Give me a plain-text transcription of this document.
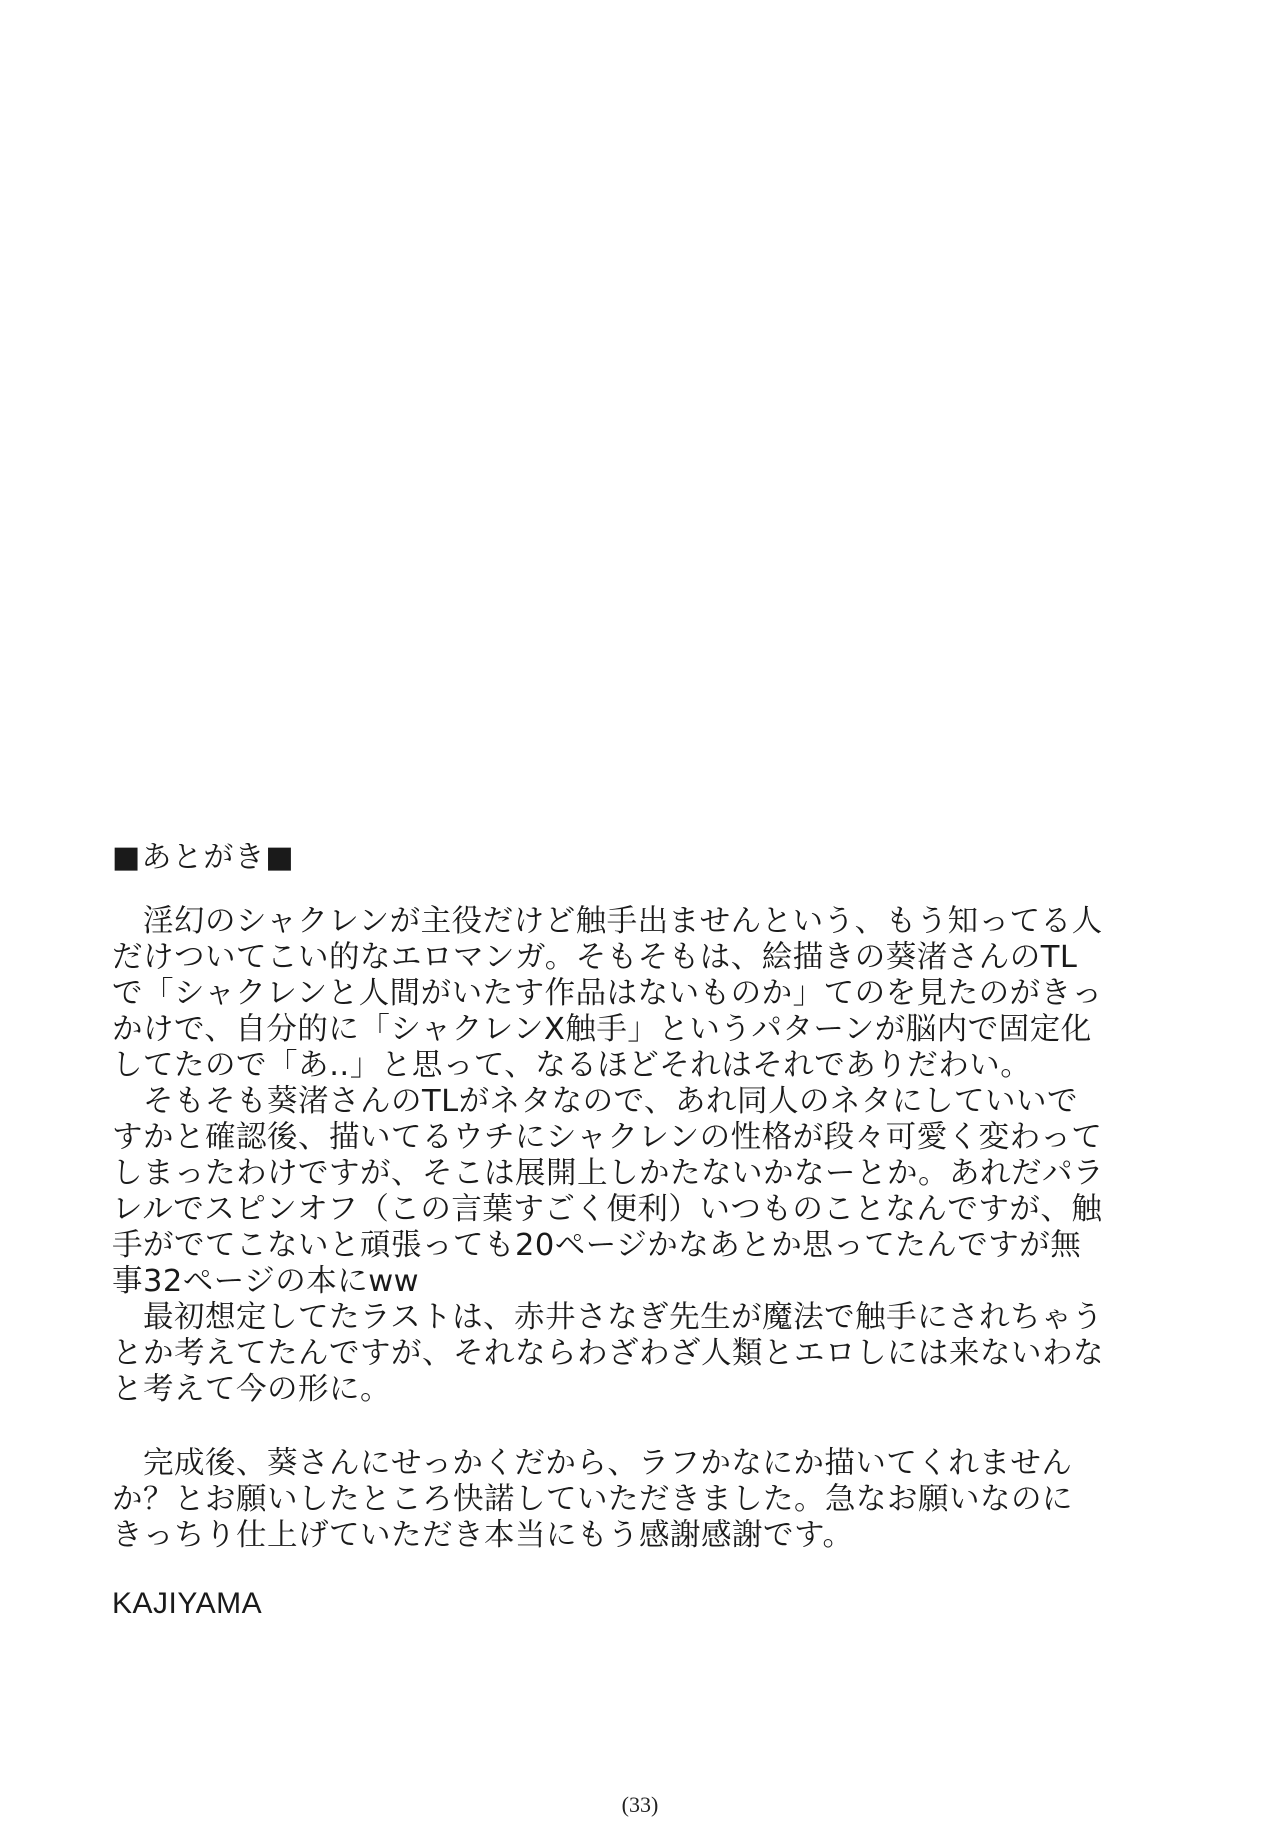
■あとがき■
　淫幻のシャクレンが主役だけど触手出ませんという、もう知ってる人
だけついてこい的なエロマンガ。そもそもは、絵描きの葵渚さんのTL
で「シャクレンと人間がいたす作品はないものか」てのを見たのがきっ
かけで、自分的に「シャクレンX触手」というパターンが脳内で固定化
してたので「あ‥」と思って、なるほどそれはそれでありだわい。
　そもそも葵渚さんのTLがネタなので、あれ同人のネタにしていいで
すかと確認後、描いてるウチにシャクレンの性格が段々可愛く変わって
しまったわけですが、そこは展開上しかたないかなーとか。あれだパラ
レルでスピンオフ（この言葉すごく便利）いつものことなんですが、触
手がでてこないと頑張っても20ページかなあとか思ってたんですが無
事32ページの本にww
　最初想定してたラストは、赤井さなぎ先生が魔法で触手にされちゃう
とか考えてたんですが、それならわざわざ人類とエロしには来ないわな
と考えて今の形に。
　完成後、葵さんにせっかくだから、ラフかなにか描いてくれません
か？とお願いしたところ快諾していただきました。急なお願いなのに
きっちり仕上げていただき本当にもう感謝感謝です。
KAJIYAMA
(33)
